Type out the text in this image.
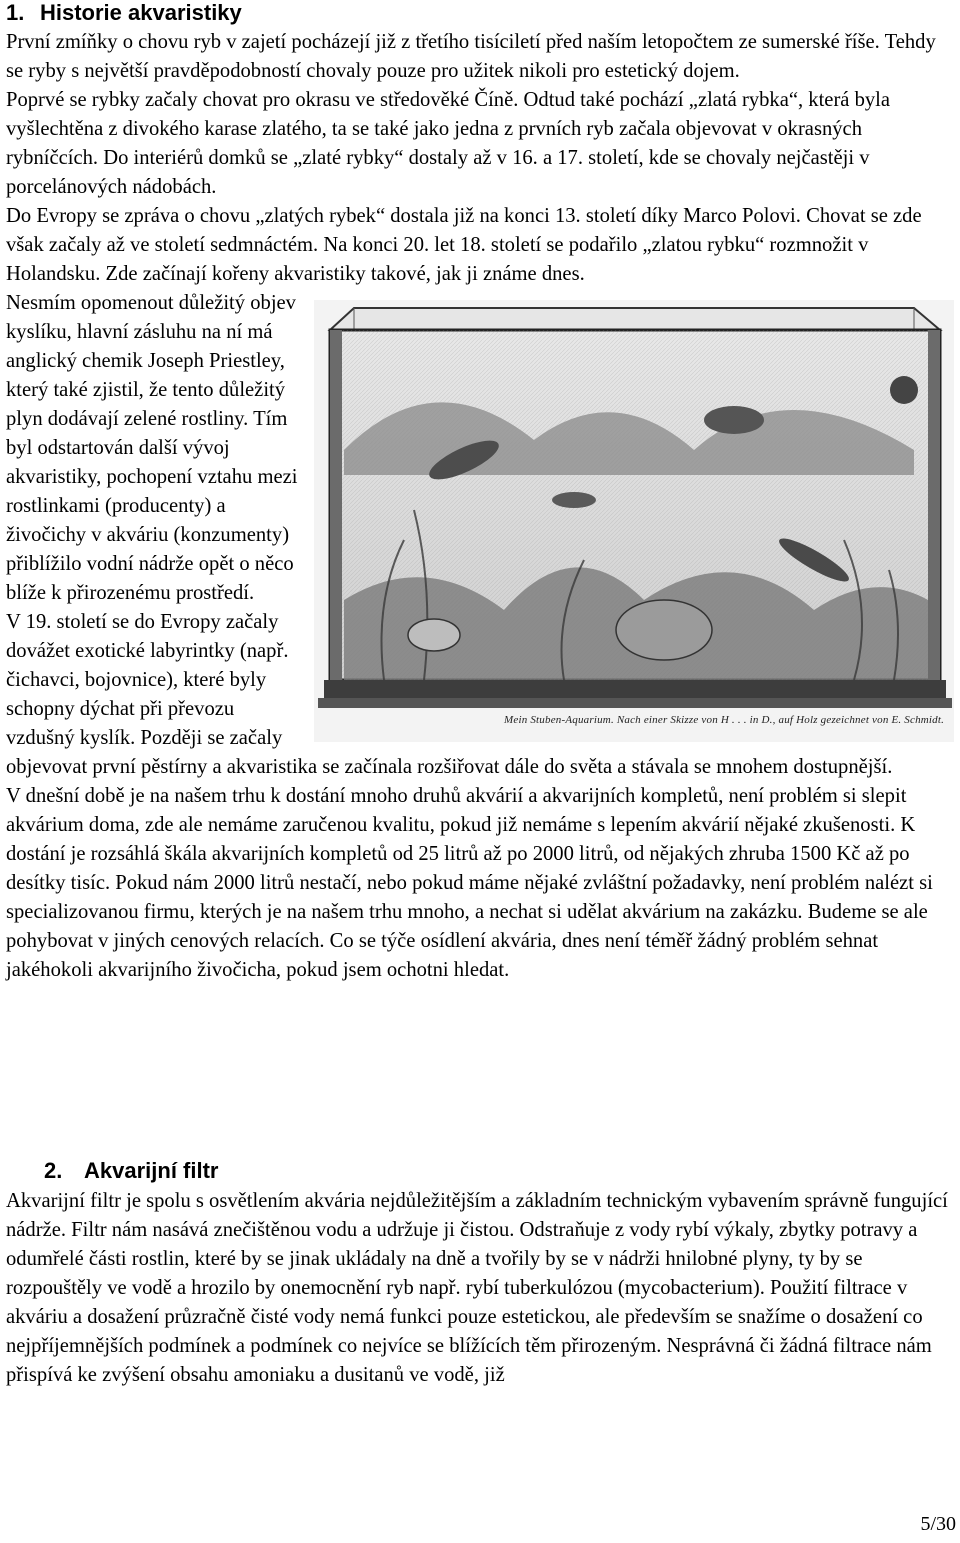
1. Historie akvaristiky

První zmíňky o chovu ryb v zajetí pocházejí již z třetího tisíciletí před naším letopočtem ze sumerské říše. Tehdy se ryby s největší pravděpodobností chovaly pouze pro užitek nikoli pro estetický dojem.

Poprvé se rybky začaly chovat pro okrasu ve středověké Číně. Odtud také pochází „zlatá rybka“, která byla vyšlechtěna z divokého karase zlatého, ta se také jako jedna z prvních ryb začala objevovat v okrasných rybníčcích. Do interiérů domků se „zlaté rybky“ dostaly až v 16. a 17. století, kde se chovaly nejčastěji v porcelánových nádobách.

Do Evropy se zpráva o chovu „zlatých rybek“ dostala již na konci 13. století díky Marco Polovi. Chovat se zde však začaly až ve století sedmnáctém. Na konci 20. let 18. století se podařilo „zlatou rybku“ rozmnožit v Holandsku. Zde začínají kořeny akvaristiky takové, jak ji známe dnes.

Mein Stuben-Aquarium. Nach einer Skizze von H . . . in D., auf Holz gezeichnet von E. Schmidt.

Nesmím opomenout důležitý objev kyslíku, hlavní zásluhu na ní má anglický chemik Joseph Priestley, který také zjistil, že tento důležitý plyn dodávají zelené rostliny. Tím byl odstartován další vývoj akvaristiky, pochopení vztahu mezi rostlinkami (producenty) a živočichy v akváriu (konzumenty) přiblížilo vodní nádrže opět o něco blíže k přirozenému prostředí.

V 19. století se do Evropy začaly dovážet exotické labyrintky (např. čichavci, bojovnice), které byly schopny dýchat při převozu vzdušný kyslík. Později se začaly objevovat první pěstírny a akvaristika se začínala rozšiřovat dále do světa a stávala se mnohem dostupnější.

V dnešní době je na našem trhu k dostání mnoho druhů akvárií a akvarijních kompletů, není problém si slepit akvárium doma, zde ale nemáme zaručenou kvalitu, pokud již nemáme s lepením akvárií nějaké zkušenosti. K dostání je rozsáhlá škála akvarijních kompletů od 25 litrů až po 2000 litrů, od nějakých zhruba 1500 Kč až po desítky tisíc. Pokud nám 2000 litrů nestačí, nebo pokud máme nějaké zvláštní požadavky, není problém nalézt si specializovanou firmu, kterých je na našem trhu mnoho, a nechat si udělat akvárium na zakázku. Budeme se ale pohybovat v jiných cenových relacích. Co se týče osídlení akvária, dnes není téměř žádný problém sehnat jakéhokoli akvarijního živočicha, pokud jsem ochotni hledat.

2. Akvarijní filtr

Akvarijní filtr je spolu s osvětlením akvária nejdůležitějším a základním technickým vybavením správně fungující nádrže. Filtr nám nasává znečištěnou vodu a udržuje ji čistou. Odstraňuje z vody rybí výkaly, zbytky potravy a odumřelé části rostlin, které by se jinak ukládaly na dně a tvořily by se v nádrži hnilobné plyny, ty by se rozpouštěly ve vodě a hrozilo by onemocnění ryb např. rybí tuberkulózou (mycobacterium). Použití filtrace v akváriu a dosažení průzračně čisté vody nemá funkci pouze estetickou, ale především se snažíme o dosažení co nejpříjemnějších podmínek a podmínek co nejvíce se blížících těm přirozeným. Nesprávná či žádná filtrace nám přispívá ke zvýšení obsahu amoniaku a dusitanů ve vodě, již

5/30
